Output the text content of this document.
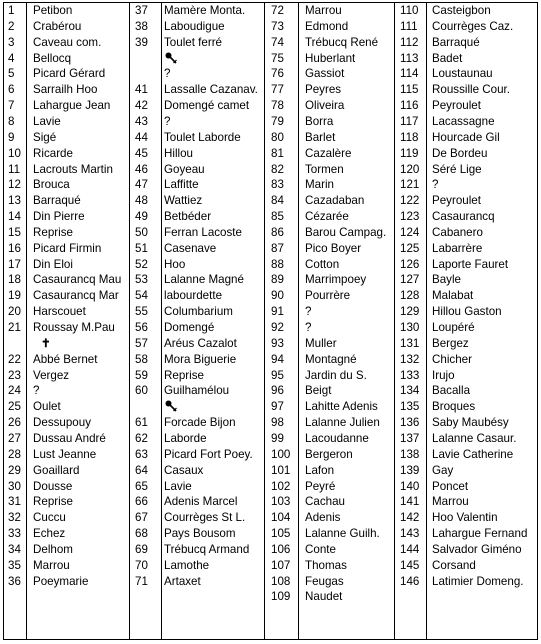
1 Petibon
2 Crabérou
3 Caveau com.
4 Bellocq
5 Picard Gérard
6 Sarrailh Hoo
7 Lahargue Jean
8 Lavie
9 Sigé
10 Ricarde
11 Lacrouts Martin
12 Brouca
13 Barraqué
14 Din Pierre
15 Reprise
16 Picard Firmin
17 Din Eloi
18 Casaurancq Mau
19 Casaurancq Mar
20 Harscouet
21 Roussay M.Pau
✝
22 Abbé Bernet
23 Vergez
24 ?
25 Oulet
26 Dessupouy
27 Dussau André
28 Lust Jeanne
29 Goaillard
30 Dousse
31 Reprise
32 Cuccu
33 Echez
34 Delhom
35 Marrou
36 Poeymarie
37 Mamère Monta.
38 Laboudigue
39 Toulet ferré
?
41 Lassalle Cazanav.
42 Domengé camet
43 ?
44 Toulet Laborde
45 Hillou
46 Goyeau
47 Laffitte
48 Wattiez
49 Betbéder
50 Ferran Lacoste
51 Casenave
52 Hoo
53 Lalanne Magné
54 labourdette
55 Columbarium
56 Domengé
57 Aréus Cazalot
58 Mora Biguerie
59 Reprise
60 Guilhamélou
61 Forcade Bijon
62 Laborde
63 Picard Fort Poey.
64 Casaux
65 Lavie
66 Adenis Marcel
67 Courrèges St L.
68 Pays Bousom
69 Trébucq Armand
70 Lamothe
71 Artaxet
72 Marrou
73 Edmond
74 Trébucq René
75 Huberlant
76 Gassiot
77 Peyres
78 Oliveira
79 Borra
80 Barlet
81 Cazalère
82 Tormen
83 Marin
84 Cazadaban
85 Cézarée
86 Barou Campag.
87 Pico Boyer
88 Cotton
89 Marrimpoey
90 Pourrère
91 ?
92 ?
93 Muller
94 Montagné
95 Jardin du S.
96 Beigt
97 Lahitte Adenis
98 Lalanne Julien
99 Lacoudanne
100 Bergeron
101 Lafon
102 Peyré
103 Cachau
104 Adenis
105 Lalanne Guilh.
106 Conte
107 Thomas
108 Feugas
109 Naudet
110 Casteigbon
111 Courrèges Caz.
112 Barraqué
113 Badet
114 Loustaunau
115 Roussille Cour.
116 Peyroulet
117 Lacassagne
118 Hourcade Gil
119 De Bordeu
120 Séré Lige
121 ?
122 Peyroulet
123 Casaurancq
124 Cabanero
125 Labarrère
126 Laporte Fauret
127 Bayle
128 Malabat
129 Hillou Gaston
130 Loupéré
131 Bergez
132 Chicher
133 Irujo
134 Bacalla
135 Broques
136 Saby Maubésy
137 Lalanne Casaur.
138 Lavie Catherine
139 Gay
140 Poncet
141 Marrou
142 Hoo Valentin
143 Lahargue Fernand
144 Salvador Giméno
145 Corsand
146 Latimier Domeng.
